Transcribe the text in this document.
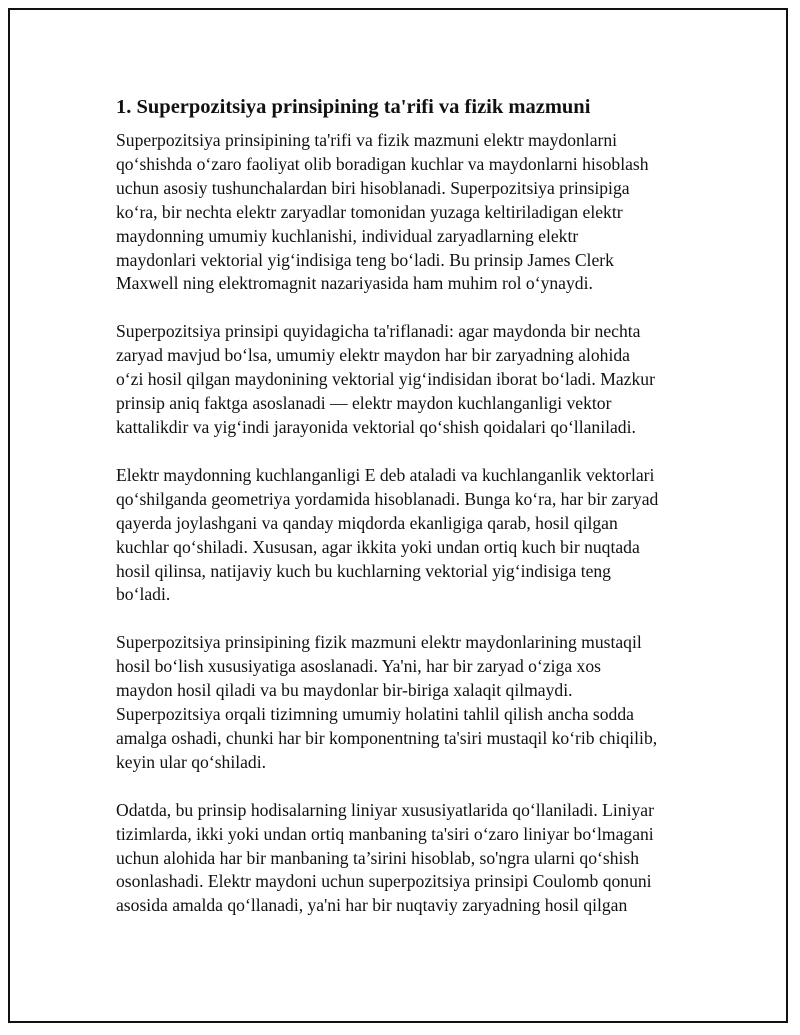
1. Superpozitsiya prinsipining ta'rifi va fizik mazmuni

Superpozitsiya prinsipining ta'rifi va fizik mazmuni elektr maydonlarni
qo‘shishda o‘zaro faoliyat olib boradigan kuchlar va maydonlarni hisoblash
uchun asosiy tushunchalardan biri hisoblanadi. Superpozitsiya prinsipiga
ko‘ra, bir nechta elektr zaryadlar tomonidan yuzaga keltiriladigan elektr
maydonning umumiy kuchlanishi, individual zaryadlarning elektr
maydonlari vektorial yig‘indisiga teng bo‘ladi. Bu prinsip James Clerk
Maxwell ning elektromagnit nazariyasida ham muhim rol o‘ynaydi.

Superpozitsiya prinsipi quyidagicha ta'riflanadi: agar maydonda bir nechta
zaryad mavjud bo‘lsa, umumiy elektr maydon har bir zaryadning alohida
o‘zi hosil qilgan maydonining vektorial yig‘indisidan iborat bo‘ladi. Mazkur
prinsip aniq faktga asoslanadi — elektr maydon kuchlanganligi vektor
kattalikdir va yig‘indi jarayonida vektorial qo‘shish qoidalari qo‘llaniladi.

Elektr maydonning kuchlanganligi E deb ataladi va kuchlanganlik vektorlari
qo‘shilganda geometriya yordamida hisoblanadi. Bunga ko‘ra, har bir zaryad
qayerda joylashgani va qanday miqdorda ekanligiga qarab, hosil qilgan
kuchlar qo‘shiladi. Xususan, agar ikkita yoki undan ortiq kuch bir nuqtada
hosil qilinsa, natijaviy kuch bu kuchlarning vektorial yig‘indisiga teng
bo‘ladi.

Superpozitsiya prinsipining fizik mazmuni elektr maydonlarining mustaqil
hosil bo‘lish xususiyatiga asoslanadi. Ya'ni, har bir zaryad o‘ziga xos
maydon hosil qiladi va bu maydonlar bir-biriga xalaqit qilmaydi.
Superpozitsiya orqali tizimning umumiy holatini tahlil qilish ancha sodda
amalga oshadi, chunki har bir komponentning ta'siri mustaqil ko‘rib chiqilib,
keyin ular qo‘shiladi.

Odatda, bu prinsip hodisalarning liniyar xususiyatlarida qo‘llaniladi. Liniyar
tizimlarda, ikki yoki undan ortiq manbaning ta'siri o‘zaro liniyar bo‘lmagani
uchun alohida har bir manbaning ta’sirini hisoblab, so'ngra ularni qo‘shish
osonlashadi. Elektr maydoni uchun superpozitsiya prinsipi Coulomb qonuni
asosida amalda qo‘llanadi, ya'ni har bir nuqtaviy zaryadning hosil qilgan
